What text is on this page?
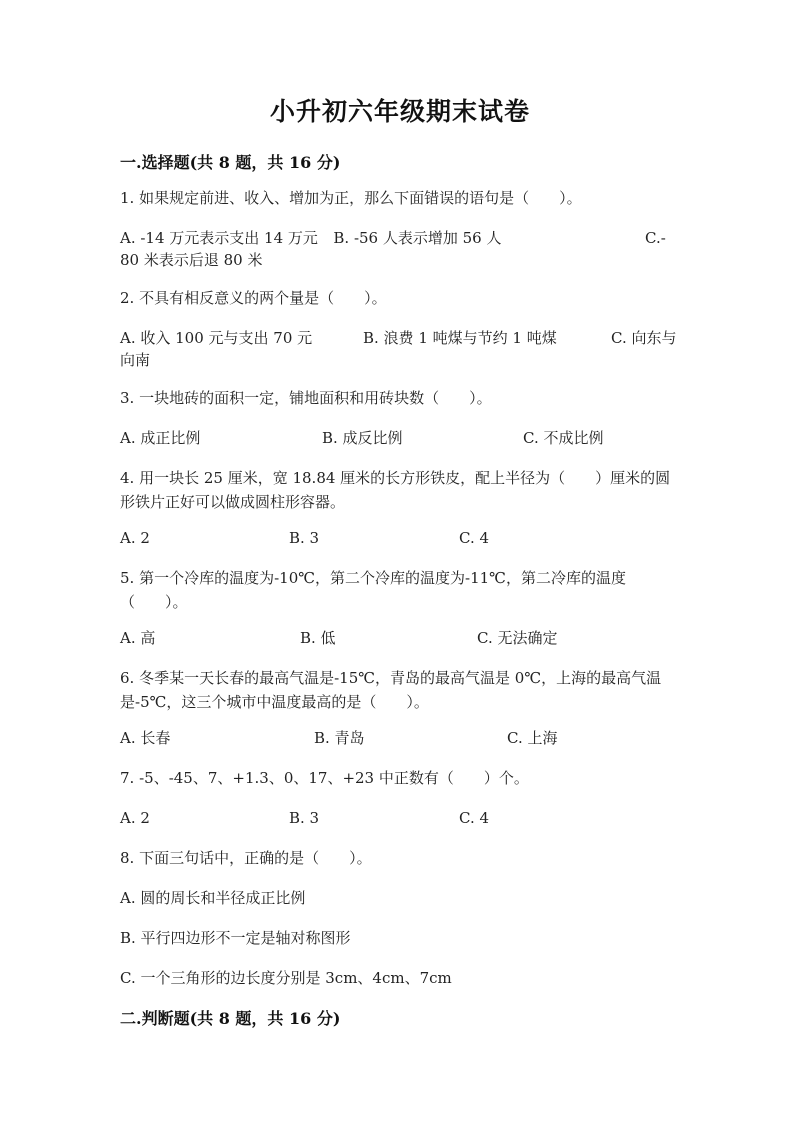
小升初六年级期末试卷
一.选择题(共 8 题，共 16 分)
1. 如果规定前进、收入、增加为正，那么下面错误的语句是（　　）。
A. -14 万元表示支出 14 万元 B. -56 人表示增加 56 人	C.-
80 米表示后退 80 米
2. 不具有相反意义的两个量是（　　）。
A. 收入 100 元与支出 70 元	B. 浪费 1 吨煤与节约 1 吨煤	C. 向东与
向南
3. 一块地砖的面积一定，铺地面积和用砖块数（　　）。
A. 成正比例	B. 成反比例	C. 不成比例
4. 用一块长 25 厘米，宽 18.84 厘米的长方形铁皮，配上半径为（　　）厘米的圆形铁片正好可以做成圆柱形容器。
A. 2	B. 3	C. 4
5. 第一个冷库的温度为-10℃，第二个冷库的温度为-11℃，第二冷库的温度（　　）。
A. 高	B. 低	C. 无法确定
6. 冬季某一天长春的最高气温是-15℃，青岛的最高气温是 0℃，上海的最高气温是-5℃，这三个城市中温度最高的是（　　）。
A. 长春	B. 青岛	C. 上海
7. -5、-45、7、+1.3、0、17、+23 中正数有（　　）个。
A. 2	B. 3	C. 4
8. 下面三句话中，正确的是（　　）。
A. 圆的周长和半径成正比例
B. 平行四边形不一定是轴对称图形
C. 一个三角形的边长度分别是 3cm、4cm、7cm
二.判断题(共 8 题，共 16 分)
